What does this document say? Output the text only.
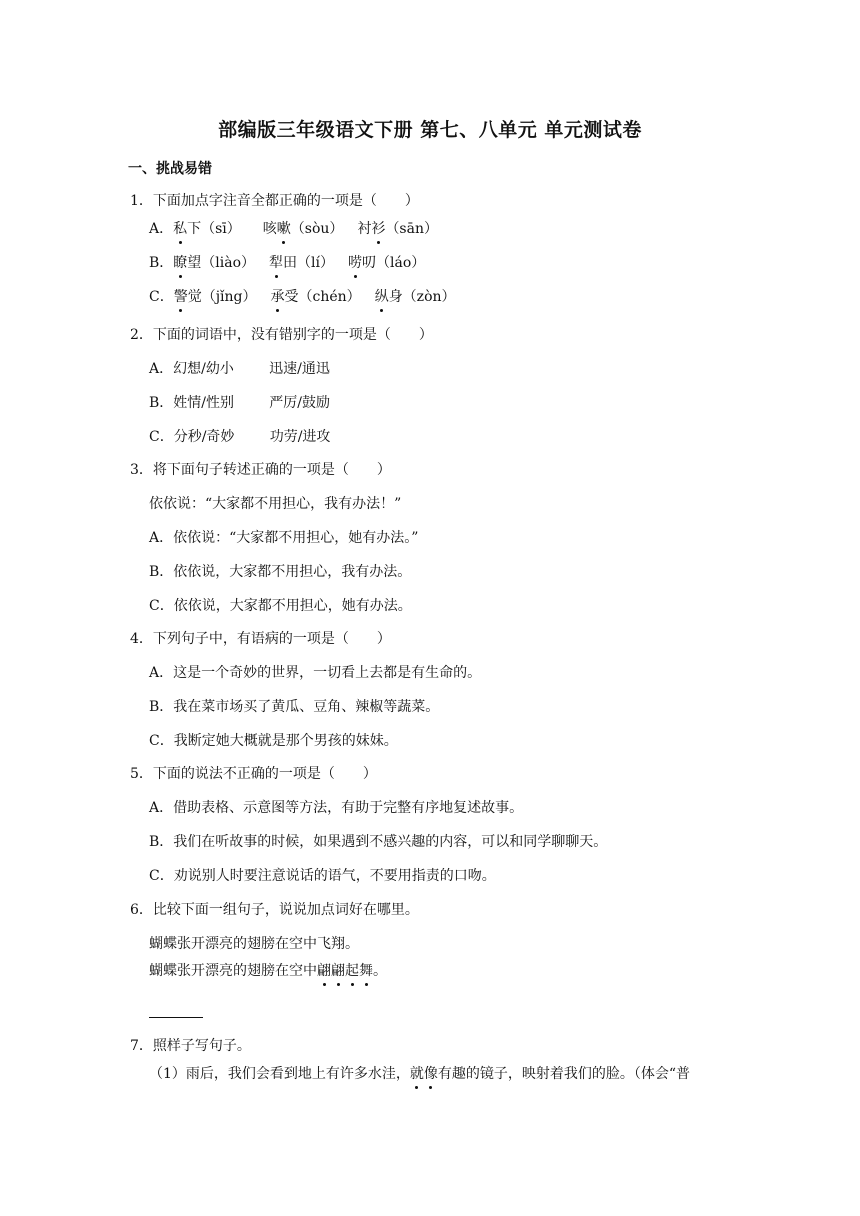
部编版三年级语文下册 第七、八单元 单元测试卷
一、挑战易错
1．下面加点字注音全都正确的一项是（　　）
A．私下（sī） 咳嗽（sòu） 衬衫（sān）
B．瞭望（liào） 犁田（lí） 唠叨（láo）
C．警觉（jǐng） 承受（chén） 纵身（zòn）
2．下面的词语中，没有错别字的一项是（　　）
A．幻想/幼小	迅速/通迅
B．姓情/性别	严厉/鼓励
C．分秒/奇妙	功劳/进攻
3．将下面句子转述正确的一项是（　　）
依依说：“大家都不用担心，我有办法！”
A．依依说：“大家都不用担心，她有办法。”
B．依依说，大家都不用担心，我有办法。
C．依依说，大家都不用担心，她有办法。
4．下列句子中，有语病的一项是（　　）
A．这是一个奇妙的世界，一切看上去都是有生命的。
B．我在菜市场买了黄瓜、豆角、辣椒等蔬菜。
C．我断定她大概就是那个男孩的妹妹。
5．下面的说法不正确的一项是（　　）
A．借助表格、示意图等方法，有助于完整有序地复述故事。
B．我们在听故事的时候，如果遇到不感兴趣的内容，可以和同学聊聊天。
C．劝说别人时要注意说话的语气，不要用指责的口吻。
6．比较下面一组句子，说说加点词好在哪里。
蝴蝶张开漂亮的翅膀在空中飞翔。
蝴蝶张开漂亮的翅膀在空中翩翩起舞。
7．照样子写句子。
（1）雨后，我们会看到地上有许多水洼，就像有趣的镜子，映射着我们的脸。（体会“普
